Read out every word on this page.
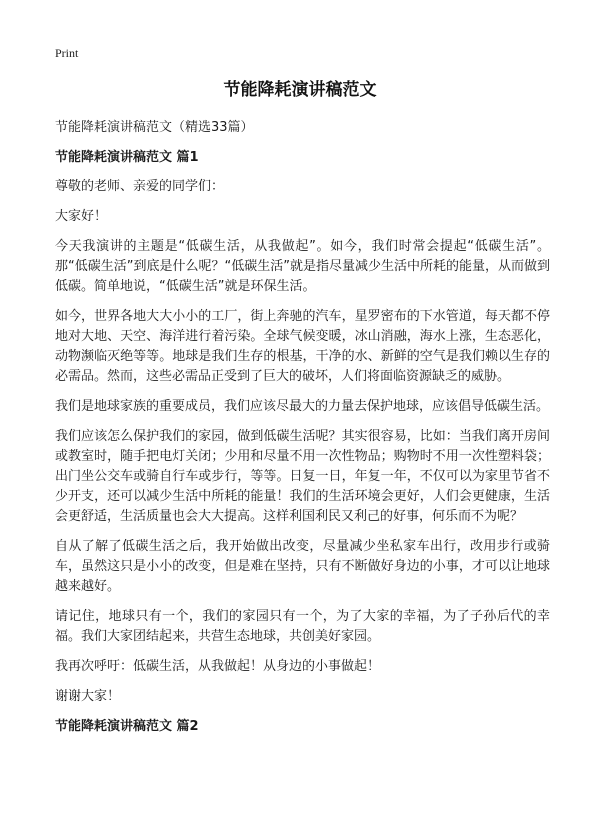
Print
节能降耗演讲稿范文
节能降耗演讲稿范文（精选33篇）
节能降耗演讲稿范文 篇1
尊敬的老师、亲爱的同学们：
大家好！
今天我演讲的主题是“低碳生活，从我做起”。如今，我们时常会提起“低碳生活”。那“低碳生活”到底是什么呢？“低碳生活”就是指尽量减少生活中所耗的能量，从而做到低碳。简单地说，“低碳生活”就是环保生活。
如今，世界各地大大小小的工厂，街上奔驰的汽车，星罗密布的下水管道，每天都不停地对大地、天空、海洋进行着污染。全球气候变暖，冰山消融，海水上涨，生态恶化，动物濒临灭绝等等。地球是我们生存的根基，干净的水、新鲜的空气是我们赖以生存的必需品。然而，这些必需品正受到了巨大的破坏，人们将面临资源缺乏的威胁。
我们是地球家族的重要成员，我们应该尽最大的力量去保护地球，应该倡导低碳生活。
我们应该怎么保护我们的家园，做到低碳生活呢？其实很容易，比如：当我们离开房间或教室时，随手把电灯关闭；少用和尽量不用一次性物品；购物时不用一次性塑料袋；出门坐公交车或骑自行车或步行，等等。日复一日，年复一年，不仅可以为家里节省不少开支，还可以减少生活中所耗的能量！我们的生活环境会更好，人们会更健康，生活会更舒适，生活质量也会大大提高。这样利国利民又利己的好事，何乐而不为呢？
自从了解了低碳生活之后，我开始做出改变，尽量减少坐私家车出行，改用步行或骑车，虽然这只是小小的改变，但是难在坚持，只有不断做好身边的小事，才可以让地球越来越好。
请记住，地球只有一个，我们的家园只有一个，为了大家的幸福，为了子孙后代的幸福。我们大家团结起来，共营生态地球，共创美好家园。
我再次呼吁：低碳生活，从我做起！从身边的小事做起！
谢谢大家！
节能降耗演讲稿范文 篇2
